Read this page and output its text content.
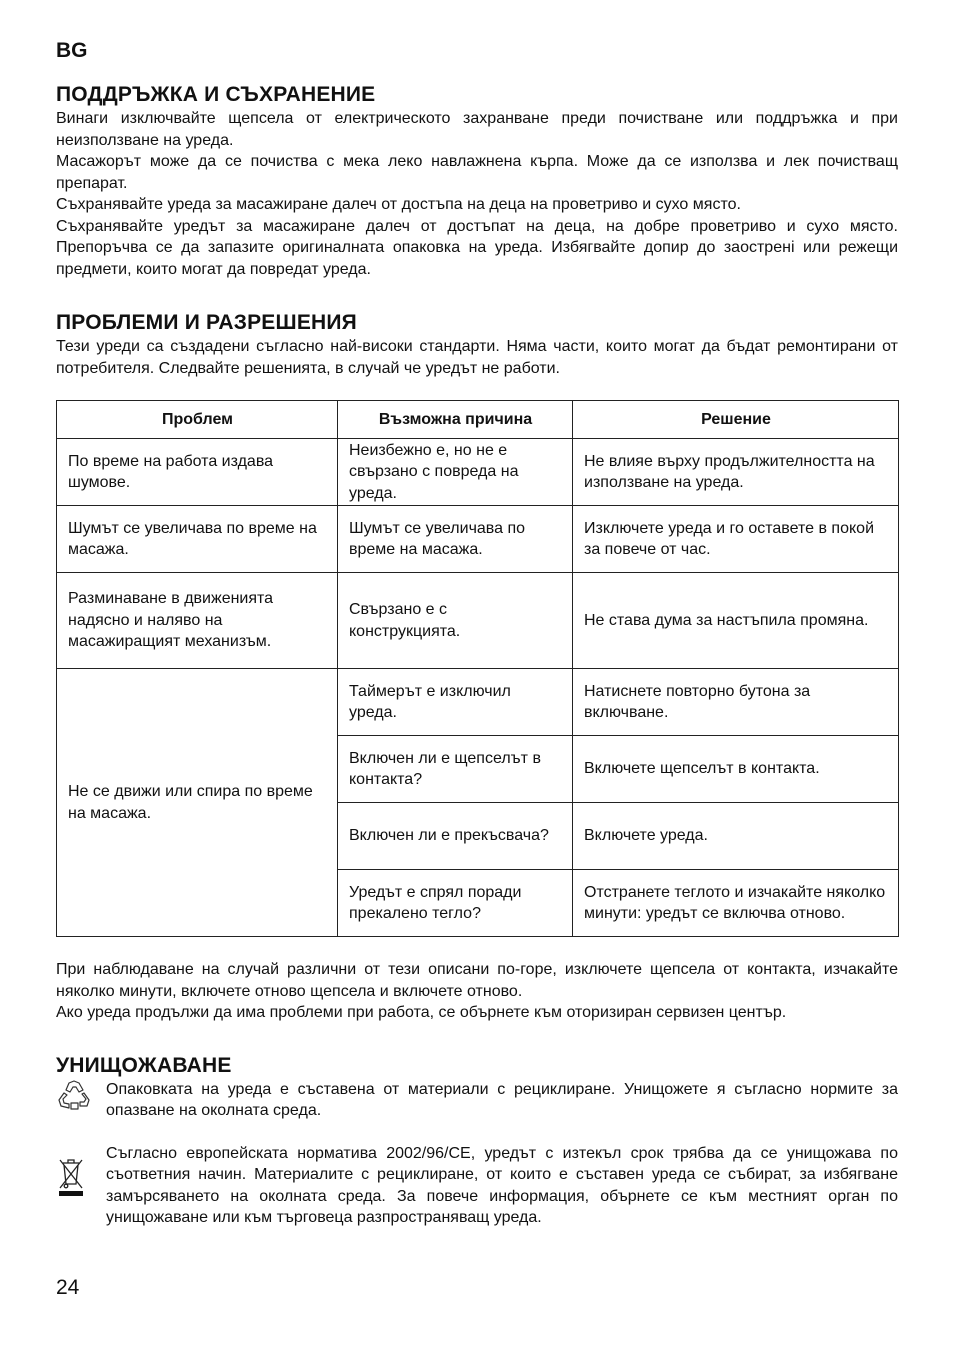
BG
ПОДДРЪЖКА И СЪХРАНЕНИЕ

Винаги изключвайте щепсела от електрическото захранване преди почистване или поддръжка и при неизползване на уреда.

Масажорът може да се почиства с мека леко навлажнена кърпа. Може да се използва и лек почистващ препарат.

Съхранявайте уреда за масажиране далеч от достъпа на деца на проветриво и сухо място.

Съхранявайте уредът за масажиране далеч от достъпат на деца, на добре проветриво и сухо място. Препоръчва се да запазите оригиналната опаковка на уреда. Избягвайте допир до заостренi или режещи предмети, които могат да повредат уреда.

ПРОБЛЕМИ И РАЗРЕШЕНИЯ

Тези уреди са създадени съгласно най-високи стандарти. Няма части, които могат да бъдат ремонтирани от потребителя. Следвайте решенията, в случай че уредът не работи.

Проблем	Възможна причина	Решение
По време на работа издава шумове.	Неизбежно е, но не е свързано с повреда на уреда.	Не влияе върху продължителността на използване на уреда.
Шумът се увеличава по време на масажа.	Шумът се увеличава по време на масажа.	Изключете уреда и го оставете в покой за повече от час.
Разминаване в движенията надясно и наляво на масажиращият механизъм.	Свързано е с конструкцията.	Не става дума за настъпила промяна.
Не се движи или спира по време на масажа.	Таймерът е изключил уреда.	Натиснете повторно бутона за включване.
	Включен ли е щепселът в контакта?	Включете щепселът в контакта.
	Включен ли е прекъсвача?	Включете уреда.
	Уредът е спрял поради прекалено тегло?	Отстранете теглото и изчакайте няколко минути: уредът се включва отново.

При наблюдаване на случай различни от тези описани по-горе, изключете щепсела от контакта, изчакайте няколко минути, включете отново щепсела и включете отново.

Ако уреда продължи да има проблеми при работа, се обърнете към оторизиран сервизен център.

УНИЩОЖАВАНЕ

Опаковката на уреда е съставена от материали с рециклиране. Унищожете я съгласно нормите за опазване на околната среда.

Съгласно европейската норматива 2002/96/CE, уредът с изтекъл срок трябва да се унищожава по съответния начин. Материалите с рециклиране, от които е съставен уреда се събират, за избягване замърсяването на околната среда. За повече информация, обърнете се към местният орган по унищожаване или към търговеца разпространяващ уреда.

24
